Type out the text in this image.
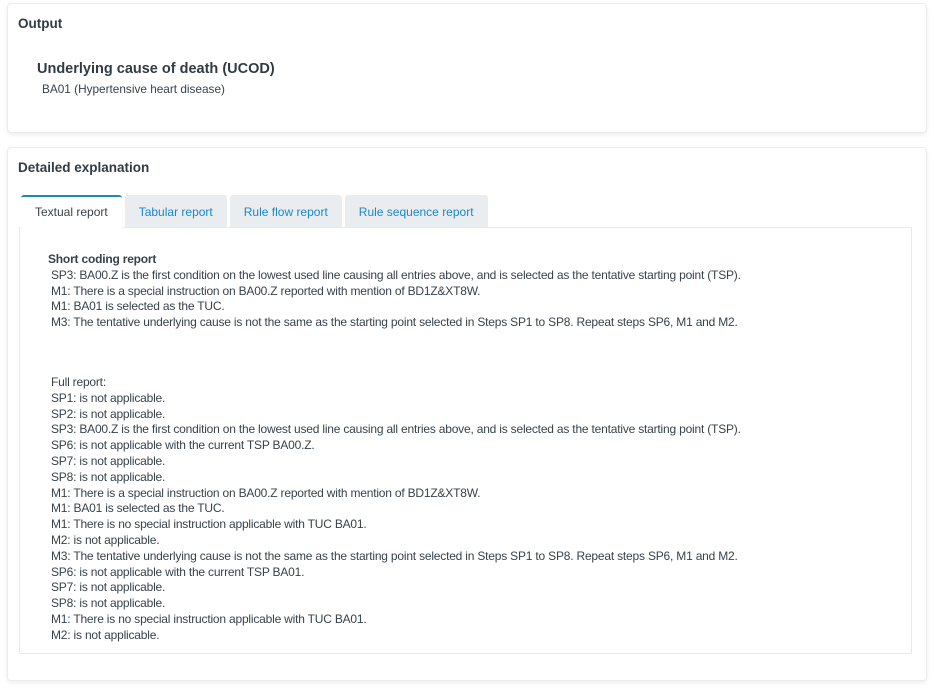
Output
Underlying cause of death (UCOD)
BA01 (Hypertensive heart disease)
Detailed explanation
Textual report	Tabular report	Rule flow report	Rule sequence report
Short coding report
SP3: BA00.Z is the first condition on the lowest used line causing all entries above, and is selected as the tentative starting point (TSP).
M1: There is a special instruction on BA00.Z reported with mention of BD1Z&XT8W.
M1: BA01 is selected as the TUC.
M3: The tentative underlying cause is not the same as the starting point selected in Steps SP1 to SP8. Repeat steps SP6, M1 and M2.
Full report:
SP1: is not applicable.
SP2: is not applicable.
SP3: BA00.Z is the first condition on the lowest used line causing all entries above, and is selected as the tentative starting point (TSP).
SP6: is not applicable with the current TSP BA00.Z.
SP7: is not applicable.
SP8: is not applicable.
M1: There is a special instruction on BA00.Z reported with mention of BD1Z&XT8W.
M1: BA01 is selected as the TUC.
M1: There is no special instruction applicable with TUC BA01.
M2: is not applicable.
M3: The tentative underlying cause is not the same as the starting point selected in Steps SP1 to SP8. Repeat steps SP6, M1 and M2.
SP6: is not applicable with the current TSP BA01.
SP7: is not applicable.
SP8: is not applicable.
M1: There is no special instruction applicable with TUC BA01.
M2: is not applicable.
